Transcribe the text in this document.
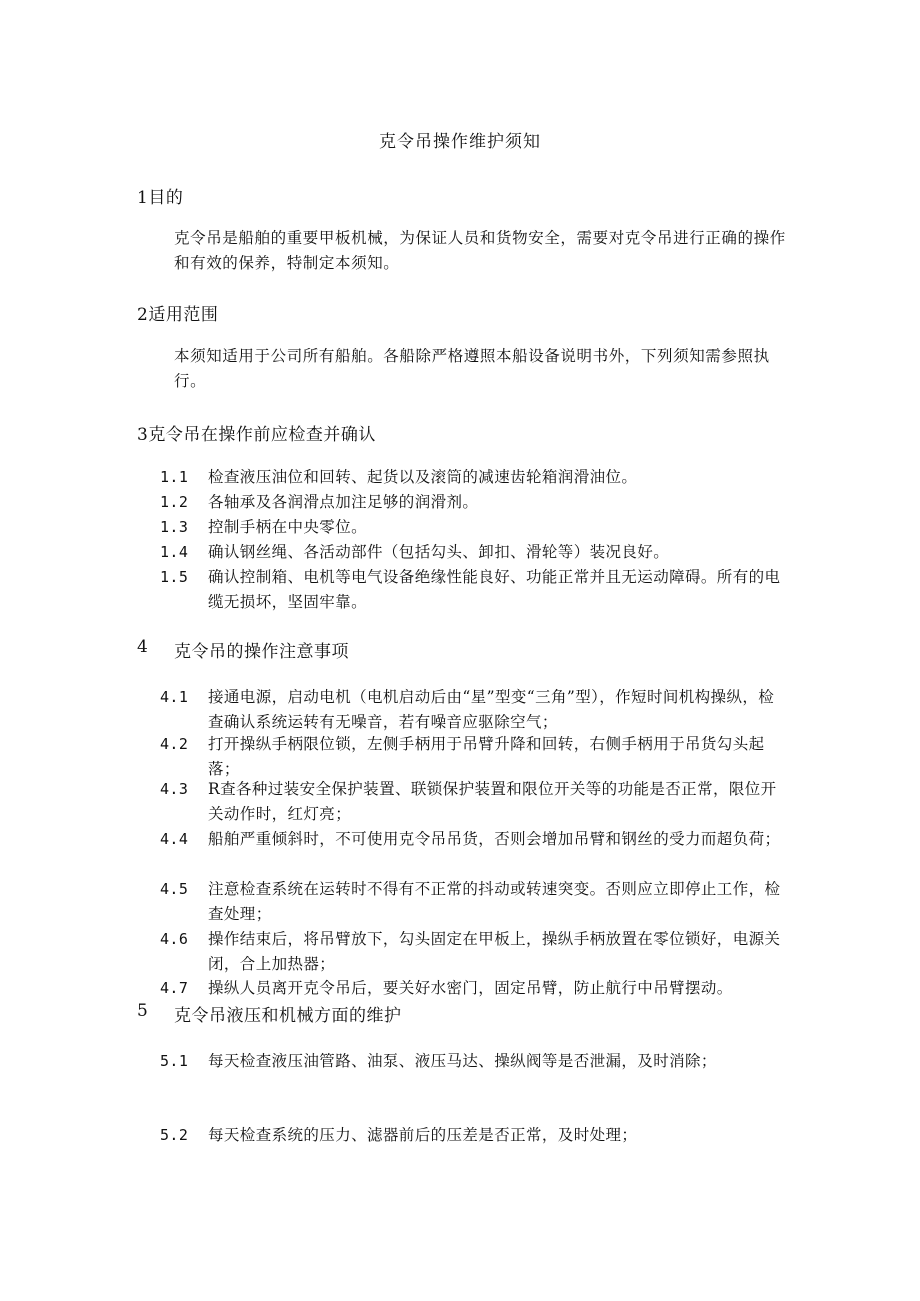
克令吊操作维护须知
1目的
克令吊是船舶的重要甲板机械，为保证人员和货物安全，需要对克令吊进行正确的操作和有效的保养，特制定本须知。
2适用范围
本须知适用于公司所有船舶。各船除严格遵照本船设备说明书外，下列须知需参照执行。
3克令吊在操作前应检查并确认
1.1	检查液压油位和回转、起货以及滚筒的减速齿轮箱润滑油位。
1.2	各轴承及各润滑点加注足够的润滑剂。
1.3	控制手柄在中央零位。
1.4	确认钢丝绳、各活动部件（包括勾头、卸扣、滑轮等）装况良好。
1.5	确认控制箱、电机等电气设备绝缘性能良好、功能正常并且无运动障碍。所有的电缆无损坏，坚固牢靠。
4	克令吊的操作注意事项
4.1	接通电源，启动电机（电机启动后由“星”型变“三角”型），作短时间机构操纵，检查确认系统运转有无噪音，若有噪音应驱除空气；
4.2	打开操纵手柄限位锁，左侧手柄用于吊臂升降和回转，右侧手柄用于吊货勾头起落；
4.3	R查各种过装安全保护装置、联锁保护装置和限位开关等的功能是否正常，限位开关动作时，红灯亮；
4.4	船舶严重倾斜时，不可使用克令吊吊货，否则会增加吊臂和钢丝的受力而超负荷；
4.5	注意检查系统在运转时不得有不正常的抖动或转速突变。否则应立即停止工作，检查处理；
4.6	操作结束后，将吊臂放下，勾头固定在甲板上，操纵手柄放置在零位锁好，电源关闭，合上加热器；
4.7	操纵人员离开克令吊后，要关好水密门，固定吊臂，防止航行中吊臂摆动。
5	克令吊液压和机械方面的维护
5.1	每天检查液压油管路、油泵、液压马达、操纵阀等是否泄漏，及时消除；
5.2	每天检查系统的压力、滤器前后的压差是否正常，及时处理；
